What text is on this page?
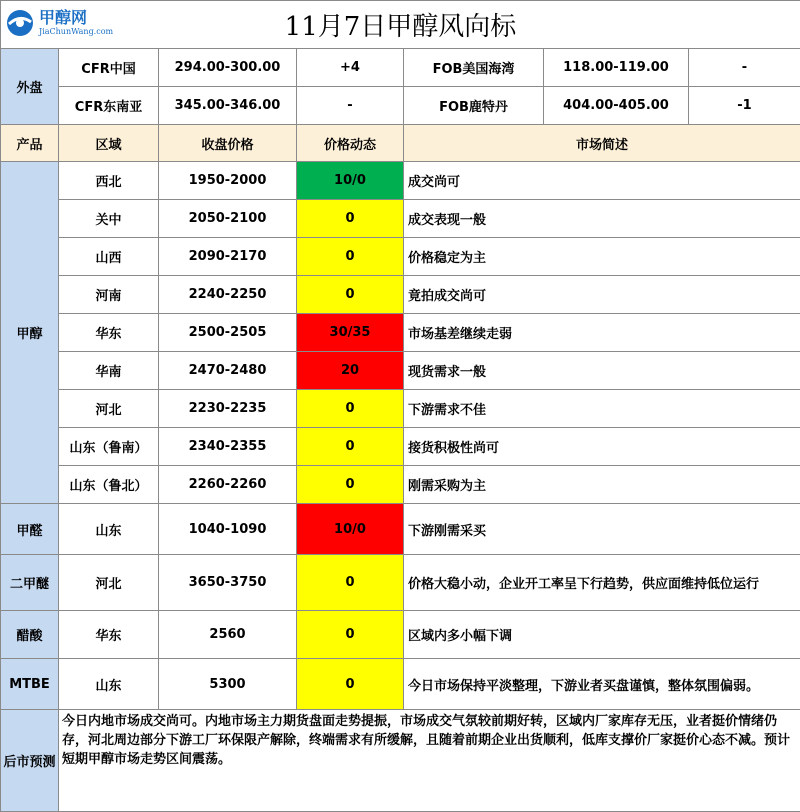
甲醇网
JiaChunWang.com 11月7日甲醇风向标						
外盘	CFR中国	294.00-300.00	+4	FOB美国海湾	118.00-119.00	-
	CFR东南亚	345.00-346.00	-	FOB鹿特丹	404.00-405.00	-1
产品	区域	收盘价格	价格动态	市场简述		
甲醇	西北	1950-2000	10/0	成交尚可		
	关中	2050-2100	0	成交表现一般		
	山西	2090-2170	0	价格稳定为主		
	河南	2240-2250	0	竟拍成交尚可		
	华东	2500-2505	30/35	市场基差继续走弱		
	华南	2470-2480	20	现货需求一般		
	河北	2230-2235	0	下游需求不佳		
	山东（鲁南）	2340-2355	0	接货积极性尚可		
	山东（鲁北）	2260-2260	0	刚需采购为主		
甲醛	山东	1040-1090	10/0	下游刚需采买		
二甲醚	河北	3650-3750	0	价格大稳小动，企业开工率呈下行趋势，供应面维持低位运行		
醋酸	华东	2560	0	区域内多小幅下调		
MTBE	山东	5300	0	今日市场保持平淡整理，下游业者买盘谨慎，整体氛围偏弱。		
后市预测	今日内地市场成交尚可。内地市场主力期货盘面走势提振，市场成交气氛较前期好转，区域内厂家库存无压，业者挺价情绪仍存，河北周边部分下游工厂环保限产解除，终端需求有所缓解，且随着前期企业出货顺利，低库支撑价厂家挺价心态不减。预计短期甲醇市场走势区间震荡。					
